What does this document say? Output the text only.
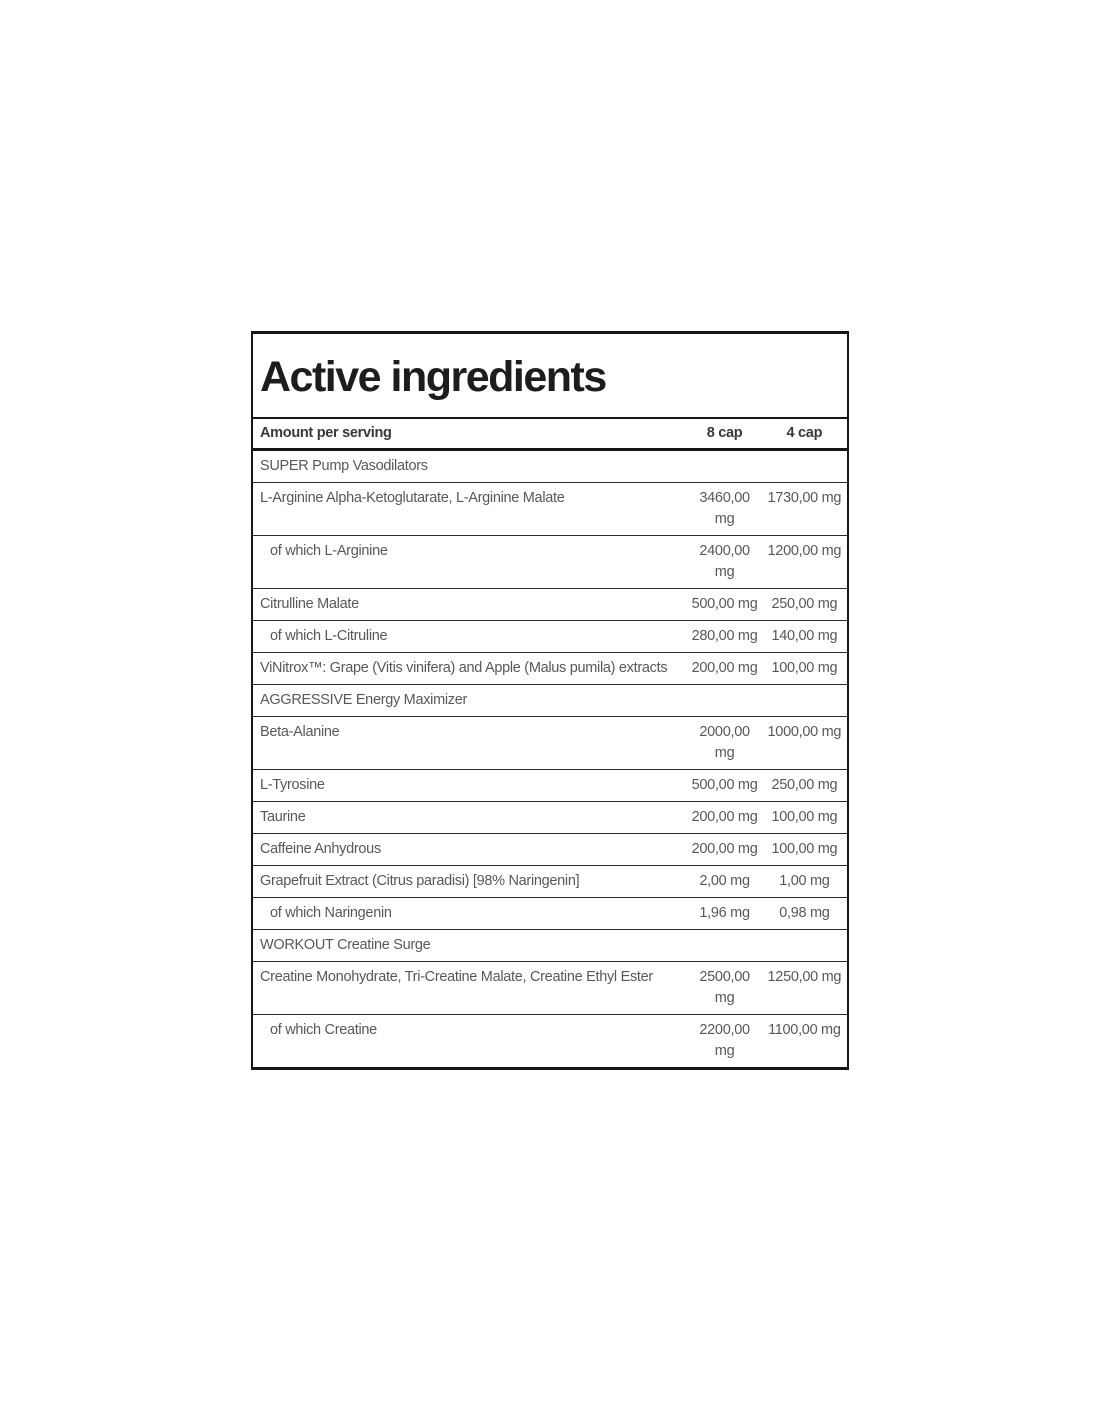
Active ingredients
Amount per serving	8 cap	4 cap
SUPER Pump Vasodilators		
L-Arginine Alpha-Ketoglutarate, L-Arginine Malate	3460,00 mg	1730,00 mg
of which L-Arginine	2400,00 mg	1200,00 mg
Citrulline Malate	500,00 mg	250,00 mg
of which L-Citruline	280,00 mg	140,00 mg
ViNitrox™: Grape (Vitis vinifera) and Apple (Malus pumila) extracts	200,00 mg	100,00 mg
AGGRESSIVE Energy Maximizer		
Beta-Alanine	2000,00 mg	1000,00 mg
L-Tyrosine	500,00 mg	250,00 mg
Taurine	200,00 mg	100,00 mg
Caffeine Anhydrous	200,00 mg	100,00 mg
Grapefruit Extract (Citrus paradisi) [98% Naringenin]	2,00 mg	1,00 mg
of which Naringenin	1,96 mg	0,98 mg
WORKOUT Creatine Surge		
Creatine Monohydrate, Tri-Creatine Malate, Creatine Ethyl Ester	2500,00 mg	1250,00 mg
of which Creatine	2200,00 mg	1100,00 mg
